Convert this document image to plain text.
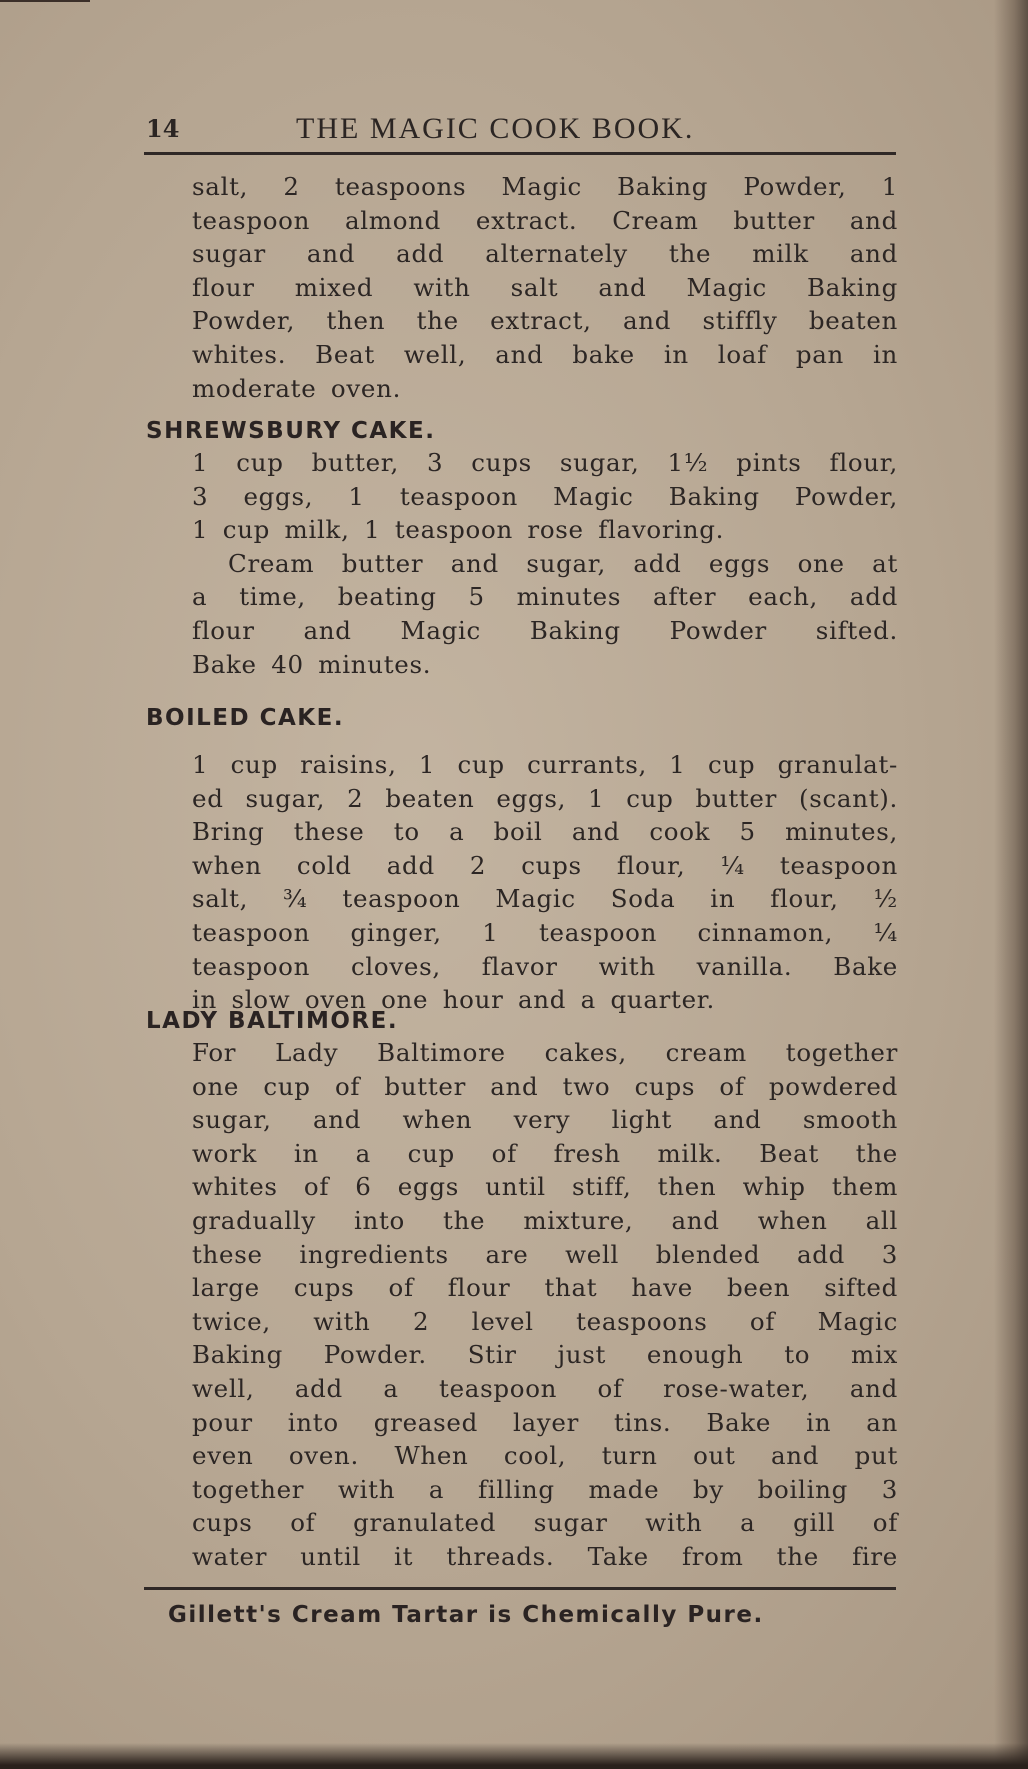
14	THE MAGIC COOK BOOK.
salt, 2 teaspoons Magic Baking Powder, 1
teaspoon almond extract. Cream butter and
sugar and add alternately the milk and
flour mixed with salt and Magic Baking
Powder, then the extract, and stiffly beaten
whites. Beat well, and bake in loaf pan in
moderate oven.
SHREWSBURY CAKE.
1 cup butter, 3 cups sugar, 1½ pints flour,
3 eggs, 1 teaspoon Magic Baking Powder,
1 cup milk, 1 teaspoon rose flavoring.
Cream butter and sugar, add eggs one at
a time, beating 5 minutes after each, add
flour and Magic Baking Powder sifted.
Bake 40 minutes.
BOILED CAKE.
1 cup raisins, 1 cup currants, 1 cup granulat-
ed sugar, 2 beaten eggs, 1 cup butter (scant).
Bring these to a boil and cook 5 minutes,
when cold add 2 cups flour, ¼ teaspoon
salt, ¾ teaspoon Magic Soda in flour, ½
teaspoon ginger, 1 teaspoon cinnamon, ¼
teaspoon cloves, flavor with vanilla. Bake
in slow oven one hour and a quarter.
LADY BALTIMORE.
For Lady Baltimore cakes, cream together
one cup of butter and two cups of powdered
sugar, and when very light and smooth
work in a cup of fresh milk. Beat the
whites of 6 eggs until stiff, then whip them
gradually into the mixture, and when all
these ingredients are well blended add 3
large cups of flour that have been sifted
twice, with 2 level teaspoons of Magic
Baking Powder. Stir just enough to mix
well, add a teaspoon of rose-water, and
pour into greased layer tins. Bake in an
even oven. When cool, turn out and put
together with a filling made by boiling 3
cups of granulated sugar with a gill of
water until it threads. Take from the fire
Gillett's Cream Tartar is Chemically Pure.
